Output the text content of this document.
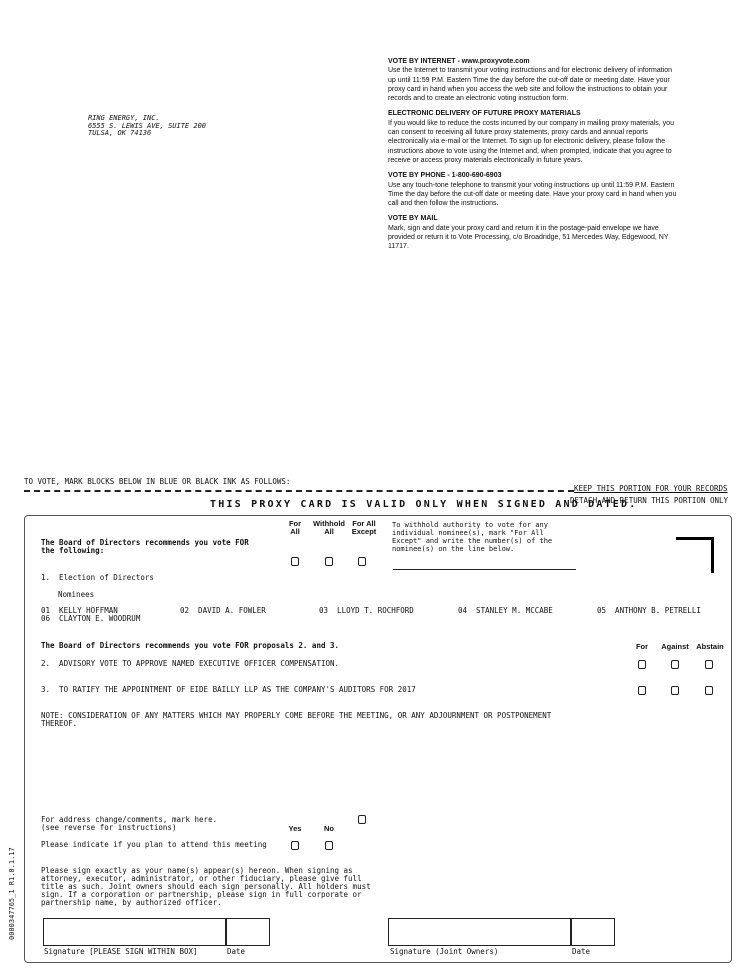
RING ENERGY, INC.
6555 S. LEWIS AVE, SUITE 200
TULSA, OK 74136
VOTE BY INTERNET - www.proxyvote.com

Use the Internet to transmit your voting instructions and for electronic delivery of information up until 11:59 P.M. Eastern Time the day before the cut-off date or meeting date. Have your proxy card in hand when you access the web site and follow the instructions to obtain your records and to create an electronic voting instruction form.

ELECTRONIC DELIVERY OF FUTURE PROXY MATERIALS

If you would like to reduce the costs incurred by our company in mailing proxy materials, you can consent to receiving all future proxy statements, proxy cards and annual reports electronically via e-mail or the Internet. To sign up for electronic delivery, please follow the instructions above to vote using the Internet and, when prompted, indicate that you agree to receive or access proxy materials electronically in future years.

VOTE BY PHONE - 1-800-690-6903

Use any touch-tone telephone to transmit your voting instructions up until 11:59 P.M. Eastern Time the day before the cut-off date or meeting date. Have your proxy card in hand when you call and then follow the instructions.

VOTE BY MAIL

Mark, sign and date your proxy card and return it in the postage-paid envelope we have provided or return it to Vote Processing, c/o Broadridge, 51 Mercedes Way, Edgewood, NY 11717.

TO VOTE, MARK BLOCKS BELOW IN BLUE OR BLACK INK AS FOLLOWS:
KEEP THIS PORTION FOR YOUR RECORDS
DETACH AND RETURN THIS PORTION ONLY
THIS PROXY CARD IS VALID ONLY WHEN SIGNED AND DATED.
The Board of Directors recommends you vote FOR the following:
For All
Withhold All
For All Except
To withhold authority to vote for any individual nominee(s), mark "For All Except" and write the number(s) of the nominee(s) on the line below.
1.  Election of Directors
Nominees
01  KELLY HOFFMAN	02  DAVID A. FOWLER	03  LLOYD T. ROCHFORD	04  STANLEY M. MCCABE	05  ANTHONY B. PETRELLI
06  CLAYTON E. WOODRUM
The Board of Directors recommends you vote FOR proposals 2. and 3.	For	Against Abstain
2.  ADVISORY VOTE TO APPROVE NAMED EXECUTIVE OFFICER COMPENSATION.
3.  TO RATIFY THE APPOINTMENT OF EIDE BAILLY LLP AS THE COMPANY'S AUDITORS FOR 2017
NOTE: CONSIDERATION OF ANY MATTERS WHICH MAY PROPERLY COME BEFORE THE MEETING, OR ANY ADJOURNMENT OR POSTPONEMENT THEREOF.
For address change/comments, mark here.
(see reverse for instructions)	Yes	No
Please indicate if you plan to attend this meeting
Please sign exactly as your name(s) appear(s) hereon. When signing as attorney, executor, administrator, or other fiduciary, please give full title as such. Joint owners should each sign personally. All holders must sign. If a corporation or partnership, please sign in full corporate or partnership name, by authorized officer.
Signature [PLEASE SIGN WITHIN BOX]	Date	Signature (Joint Owners)	Date
0000347765_1 R1.0.1.17
